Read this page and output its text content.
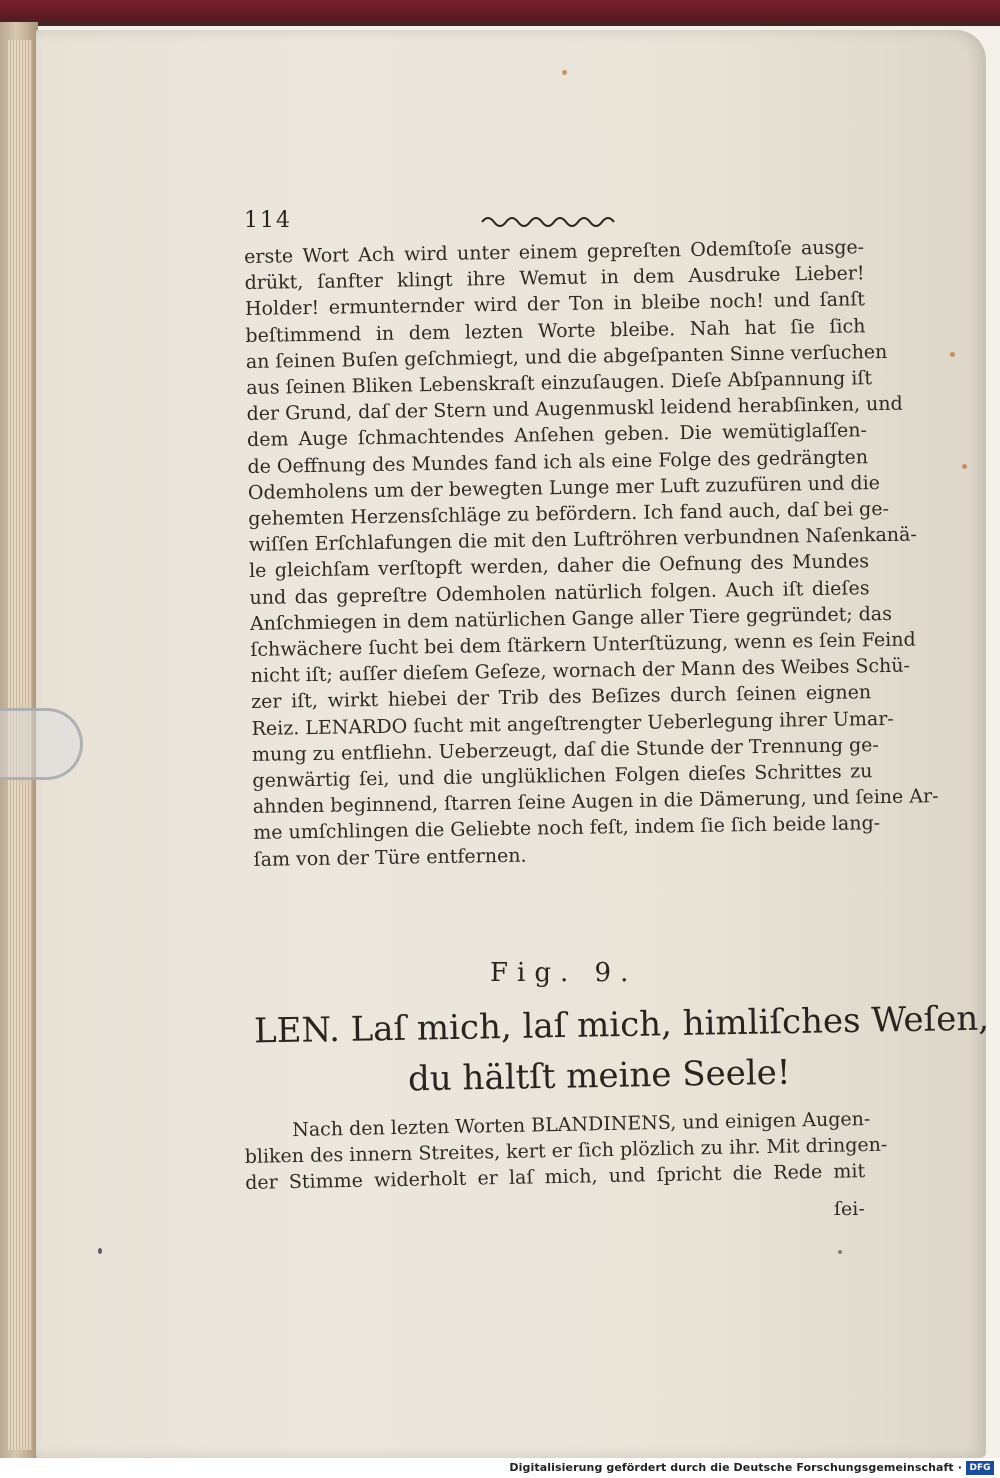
114
erste Wort Ach wird unter einem gepreſten Odemſtoſe ausge-
drükt, ſanfter klingt ihre Wemut in dem Ausdruke Lieber!
Holder! ermunternder wird der Ton in bleibe noch! und ſanſt
beſtimmend in dem lezten Worte bleibe. Nah hat ſie ſich
an ſeinen Buſen geſchmiegt, und die abgeſpanten Sinne verſuchen
aus ſeinen Bliken Lebenskraſt einzuſaugen. Dieſe Abſpannung iſt
der Grund, daſ der Stern und Augenmuskl leidend herabſinken, und
dem Auge ſchmachtendes Anſehen geben. Die wemütiglaſſen-
de Oeffnung des Mundes fand ich als eine Folge des gedrängten
Odemholens um der bewegten Lunge mer Luft zuzufüren und die
gehemten Herzensſchläge zu befördern. Ich fand auch, daſ bei ge-
wiſſen Erſchlafungen die mit den Luftröhren verbundnen Naſenkanä-
le gleichſam verſtopft werden, daher die Oefnung des Mundes
und das gepreſtre Odemholen natürlich folgen. Auch iſt dieſes
Anſchmiegen in dem natürlichen Gange aller Tiere gegründet; das
ſchwächere ſucht bei dem ſtärkern Unterſtüzung, wenn es ſein Feind
nicht iſt; auſſer dieſem Geſeze, wornach der Mann des Weibes Schü-
zer iſt, wirkt hiebei der Trib des Beſizes durch ſeinen eignen
Reiz. LENARDO ſucht mit angeſtrengter Ueberlegung ihrer Umar-
mung zu entfliehn. Ueberzeugt, daſ die Stunde der Trennung ge-
genwärtig ſei, und die unglüklichen Folgen dieſes Schrittes zu
ahnden beginnend, ſtarren ſeine Augen in die Dämerung, und ſeine Ar-
me umſchlingen die Geliebte noch feſt, indem ſie ſich beide lang-
ſam von der Türe entfernen.
Fig. 9.
LEN. Laſ mich, laſ mich, himliſches Weſen,
du hältſt meine Seele!
Nach den lezten Worten BLANDINENS, und einigen Augen-
bliken des innern Streites, kert er ſich plözlich zu ihr. Mit dringen-
der Stimme widerholt er laſ mich, und ſpricht die Rede mit
ſei-
Digitalisierung gefördert durch die Deutsche Forschungsgemeinschaft · DFG
